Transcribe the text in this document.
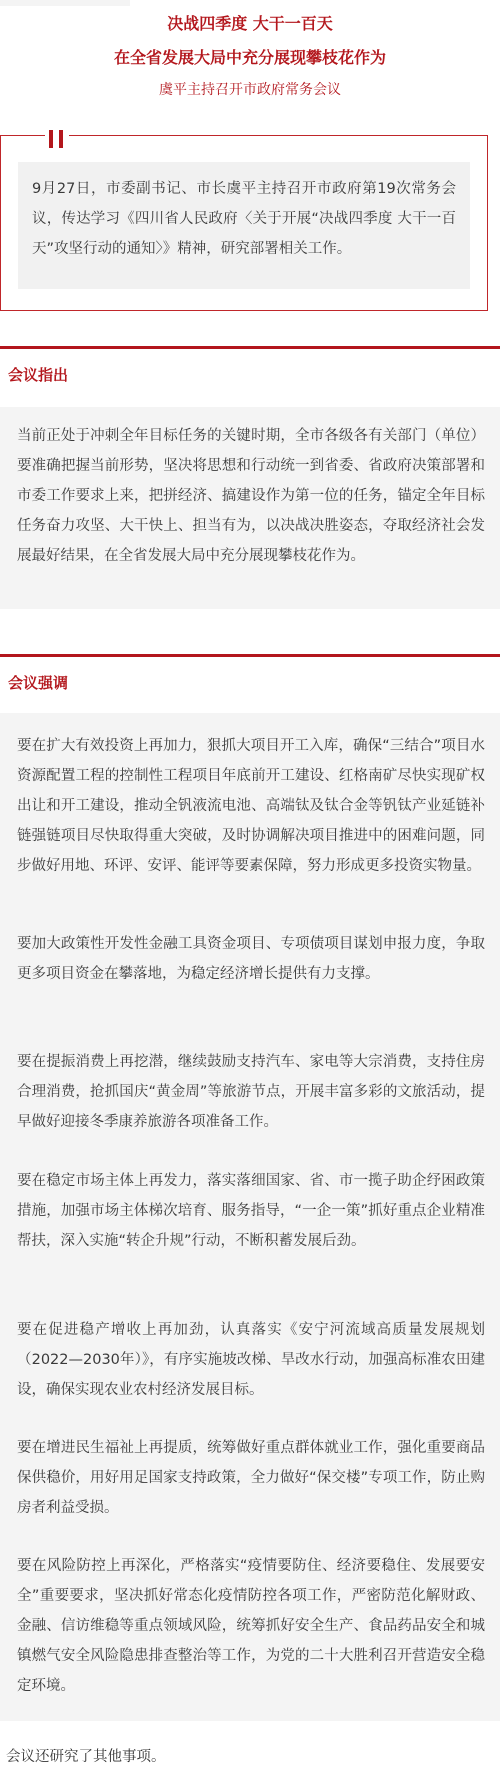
决战四季度 大干一百天
在全省发展大局中充分展现攀枝花作为
虞平主持召开市政府常务会议
9月27日，市委副书记、市长虞平主持召开市政府第19次常务会议，传达学习《四川省人民政府〈关于开展“决战四季度 大干一百天”攻坚行动的通知〉》精神，研究部署相关工作。
会议指出

当前正处于冲刺全年目标任务的关键时期，全市各级各有关部门（单位）要准确把握当前形势，坚决将思想和行动统一到省委、省政府决策部署和市委工作要求上来，把拼经济、搞建设作为第一位的任务，锚定全年目标任务奋力攻坚、大干快上、担当有为，以决战决胜姿态，夺取经济社会发展最好结果，在全省发展大局中充分展现攀枝花作为。

会议强调

要在扩大有效投资上再加力，狠抓大项目开工入库，确保“三结合”项目水资源配置工程的控制性工程项目年底前开工建设、红格南矿尽快实现矿权出让和开工建设，推动全钒液流电池、高端钛及钛合金等钒钛产业延链补链强链项目尽快取得重大突破，及时协调解决项目推进中的困难问题，同步做好用地、环评、安评、能评等要素保障，努力形成更多投资实物量。

要加大政策性开发性金融工具资金项目、专项债项目谋划申报力度，争取更多项目资金在攀落地，为稳定经济增长提供有力支撑。

要在提振消费上再挖潜，继续鼓励支持汽车、家电等大宗消费，支持住房合理消费，抢抓国庆“黄金周”等旅游节点，开展丰富多彩的文旅活动，提早做好迎接冬季康养旅游各项准备工作。

要在稳定市场主体上再发力，落实落细国家、省、市一揽子助企纾困政策措施，加强市场主体梯次培育、服务指导，“一企一策”抓好重点企业精准帮扶，深入实施“转企升规”行动，不断积蓄发展后劲。

要在促进稳产增收上再加劲，认真落实《安宁河流域高质量发展规划（2022—2030年）》，有序实施坡改梯、旱改水行动，加强高标准农田建设，确保实现农业农村经济发展目标。

要在增进民生福祉上再提质，统筹做好重点群体就业工作，强化重要商品保供稳价，用好用足国家支持政策，全力做好“保交楼”专项工作，防止购房者利益受损。

要在风险防控上再深化，严格落实“疫情要防住、经济要稳住、发展要安全”重要要求，坚决抓好常态化疫情防控各项工作，严密防范化解财政、金融、信访维稳等重点领域风险，统筹抓好安全生产、食品药品安全和城镇燃气安全风险隐患排查整治等工作，为党的二十大胜利召开营造安全稳定环境。

会议还研究了其他事项。
